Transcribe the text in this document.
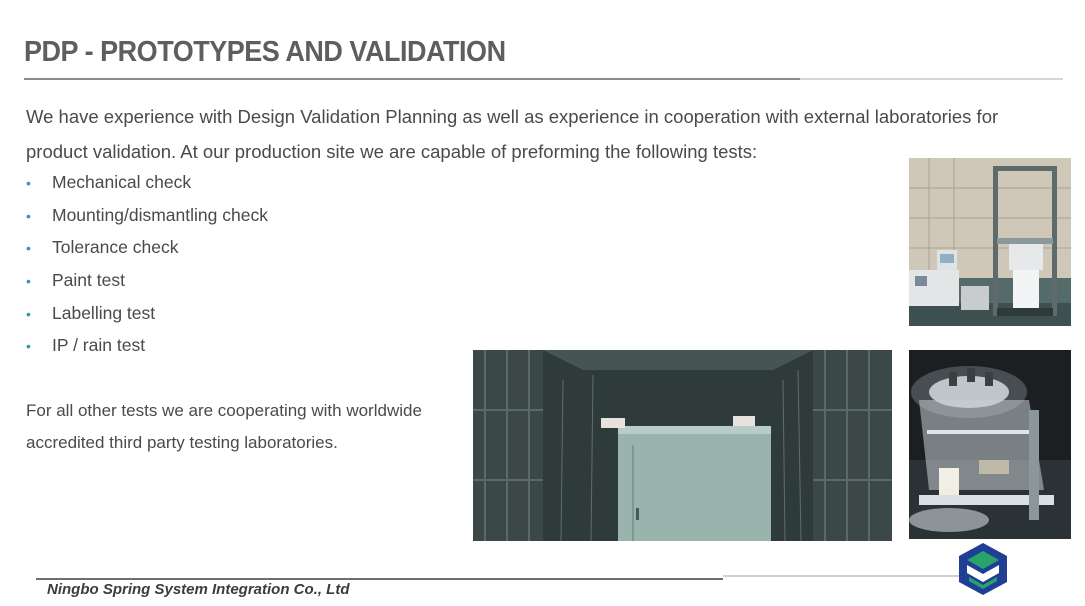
PDP - PROTOTYPES AND VALIDATION

We have experience with Design Validation Planning as well as experience in cooperation with external laboratories for product validation. At our production site we are capable of preforming the following tests:

• Mechanical check
• Mounting/dismantling check
• Tolerance check
• Paint test
• Labelling test
• IP / rain test

For all other tests we are cooperating with worldwide accredited third party testing laboratories.

Ningbo Spring System Integration Co., Ltd
